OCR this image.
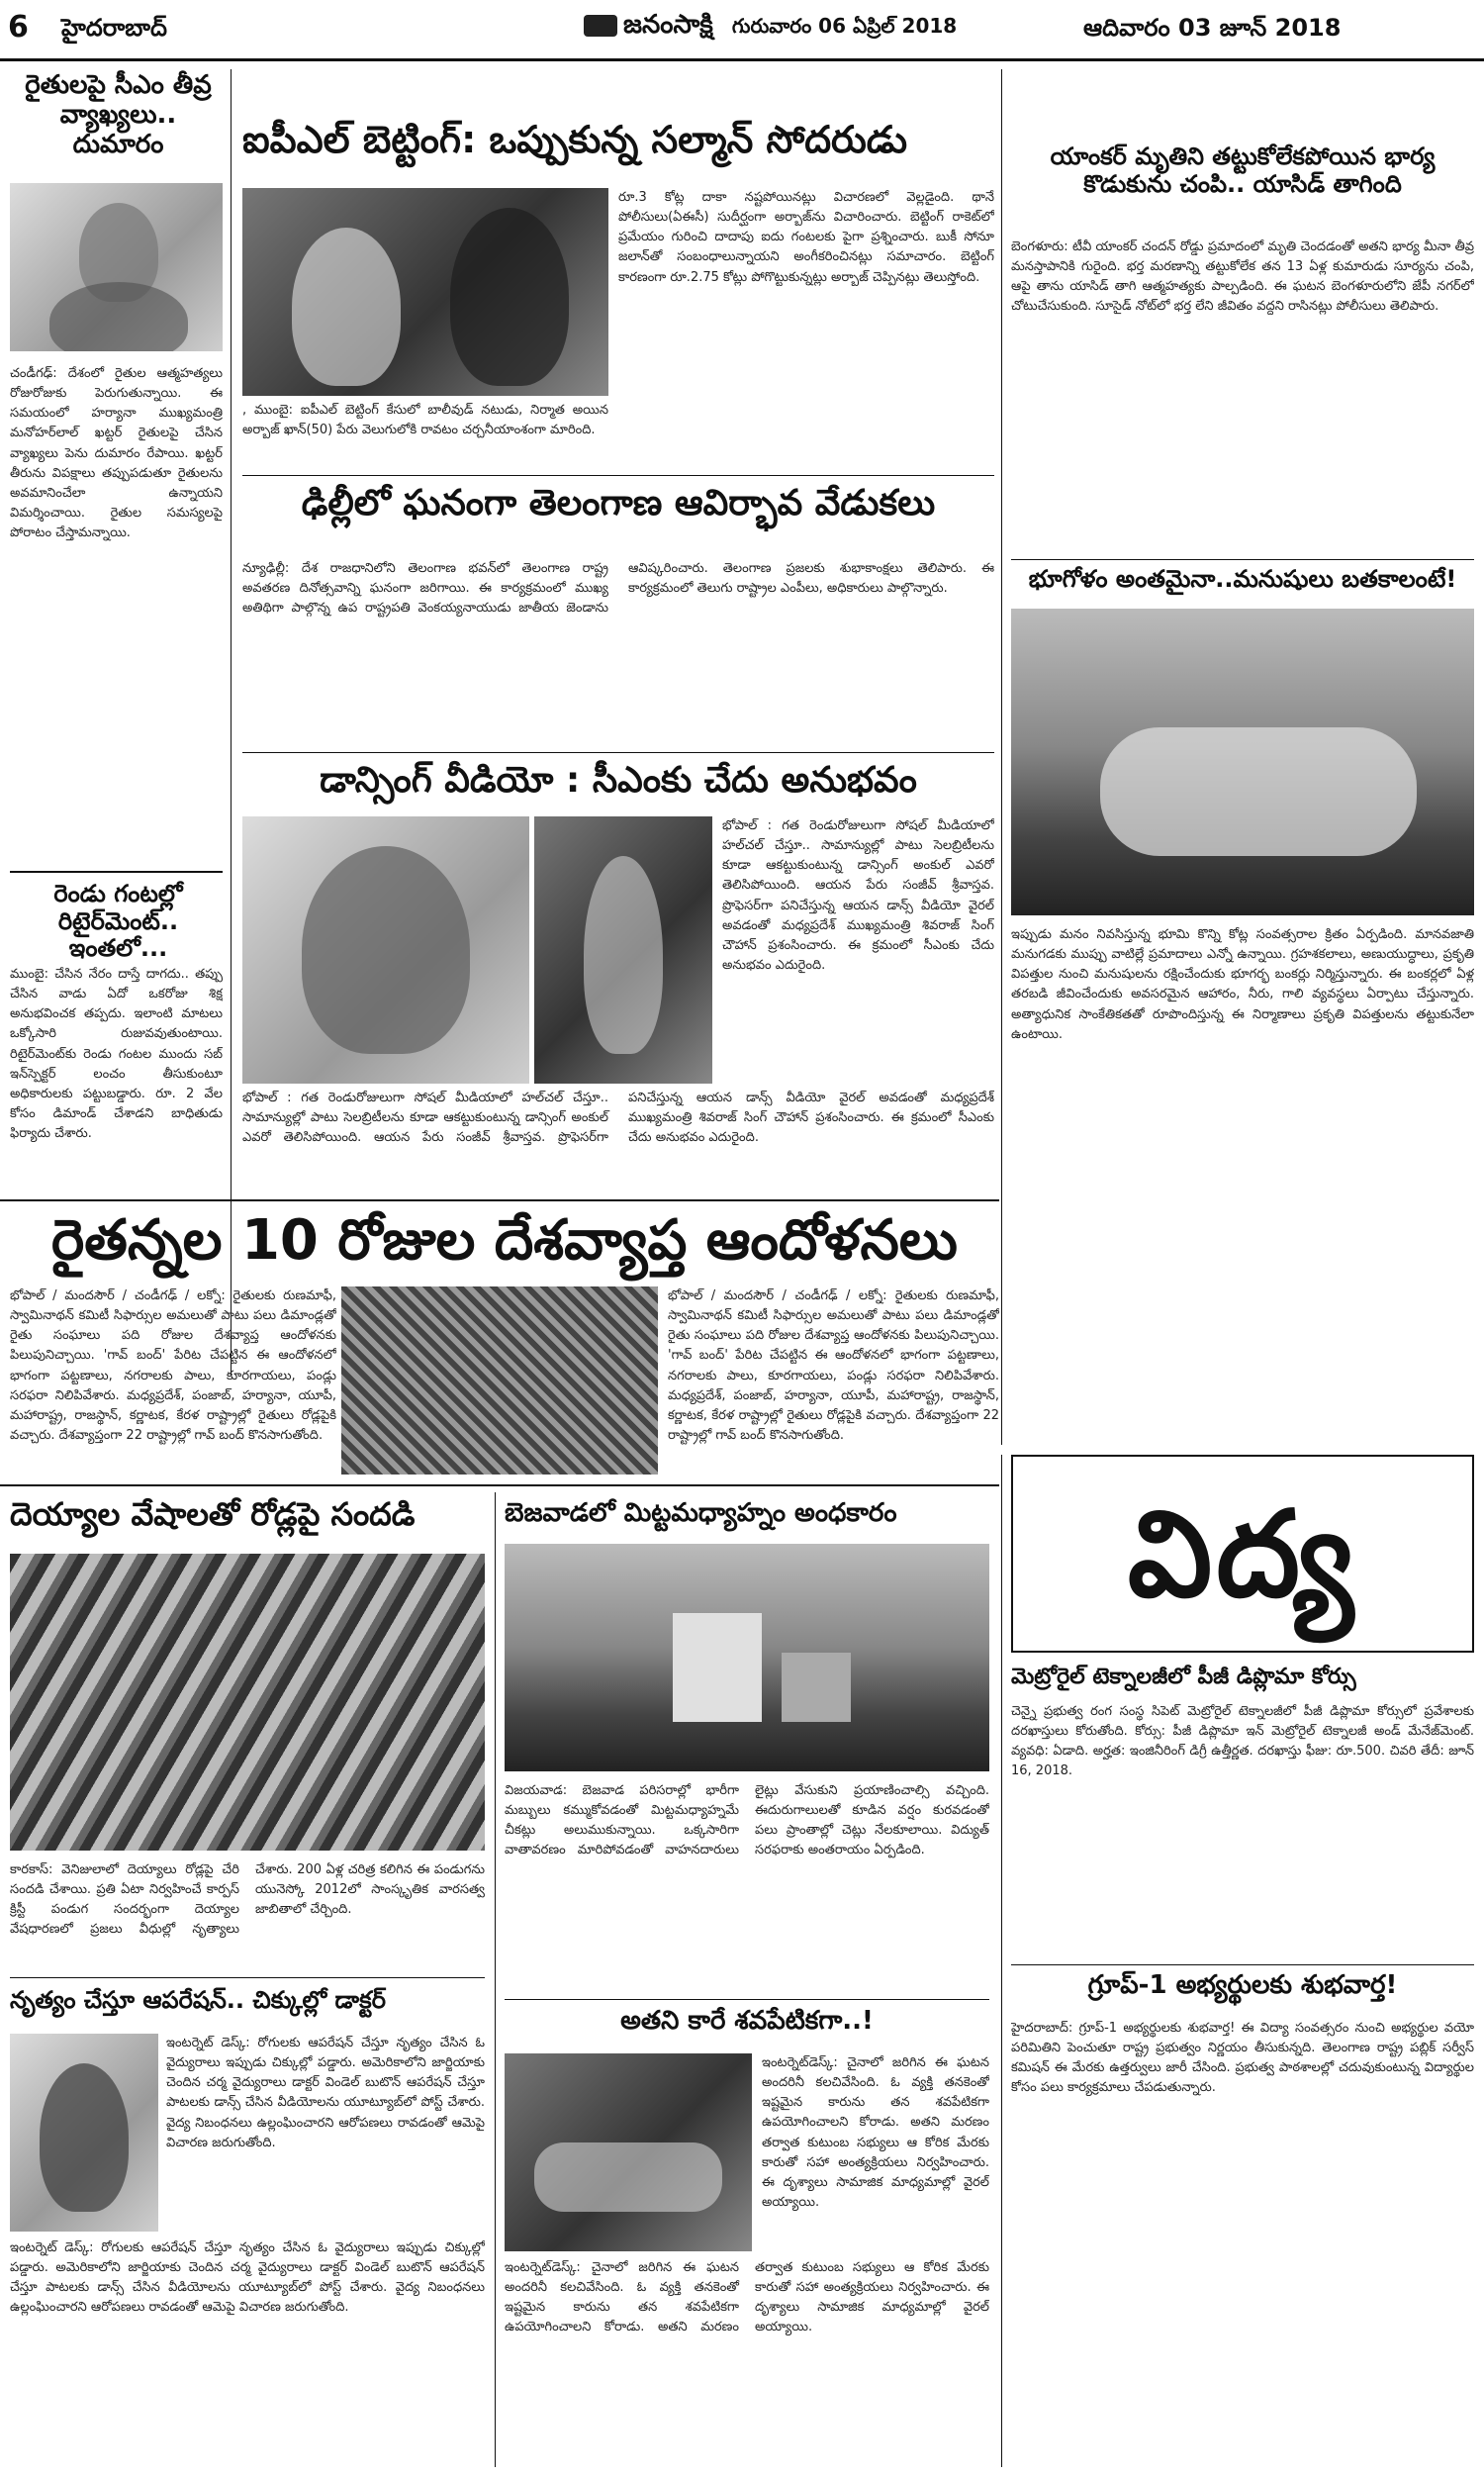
6 హైదరాబాద్	జనంసాక్షి గురువారం 06 ఏప్రిల్ 2018	ఆదివారం 03 జూన్ 2018
రైతులపై సీఎం తీవ్ర వ్యాఖ్యలు.. దుమారం
చండీగఢ్‌: దేశంలో రైతుల ఆత్మహత్యలు రోజురోజుకు పెరుగుతున్నాయి. ఈ సమయంలో హర్యానా ముఖ్యమంత్రి మనోహర్‌లాల్‌ ఖట్టర్‌ రైతులపై చేసిన వ్యాఖ్యలు పెను దుమారం రేపాయి. ఖట్టర్‌ తీరును విపక్షాలు తప్పుపడుతూ రైతులను అవమానించేలా ఉన్నాయని విమర్శించాయి. రైతుల సమస్యలపై పోరాటం చేస్తామన్నాయి.
రెండు గంటల్లో రిటైర్‌మెంట్‌.. ఇంతలో...
ముంబై: చేసిన నేరం దాస్తే దాగదు.. తప్పు చేసిన వాడు ఏదో ఒకరోజు శిక్ష అనుభవించక తప్పదు. ఇలాంటి మాటలు ఒక్కోసారి రుజువవుతుంటాయి. రిటైర్‌మెంట్‌కు రెండు గంటల ముందు సబ్‌ ఇన్‌స్పెక్టర్‌ లంచం తీసుకుంటూ అధికారులకు పట్టుబడ్డారు. రూ. 2 వేల కోసం డిమాండ్‌ చేశాడని బాధితుడు ఫిర్యాదు చేశారు.
ఐపీఎల్‌ బెట్టింగ్‌: ఒప్పుకున్న సల్మాన్‌ సోదరుడు
, ముంబై: ఐపీఎల్‌ బెట్టింగ్‌ కేసులో బాలీవుడ్‌ నటుడు, నిర్మాత అయిన అర్బాజ్‌ ఖాన్‌(50) పేరు వెలుగులోకి రావటం చర్చనీయాంశంగా మారింది.
రూ.3 కోట్ల దాకా నష్టపోయినట్లు విచారణలో వెల్లడైంది. థానే పోలీసులు(ఏఈసీ) సుదీర్ఘంగా అర్బాజ్‌ను విచారించారు. బెట్టింగ్‌ రాకెట్‌లో ప్రమేయం గురించి దాదాపు ఐదు గంటలకు పైగా ప్రశ్నించారు. బుకీ సోనూ జలాన్‌తో సంబంధాలున్నాయని అంగీకరించినట్లు సమాచారం. బెట్టింగ్‌ కారణంగా రూ.2.75 కోట్లు పోగొట్టుకున్నట్లు అర్బాజ్‌ చెప్పినట్లు తెలుస్తోంది.
ఢిల్లీలో ఘనంగా తెలంగాణ ఆవిర్భావ వేడుకలు
న్యూఢిల్లీ: దేశ రాజధానిలోని తెలంగాణ భవన్‌లో తెలంగాణ రాష్ట్ర అవతరణ దినోత్సవాన్ని ఘనంగా జరిగాయి. ఈ కార్యక్రమంలో ముఖ్య అతిథిగా పాల్గొన్న ఉప రాష్ట్రపతి వెంకయ్యనాయుడు జాతీయ జెండాను ఆవిష్కరించారు. తెలంగాణ ప్రజలకు శుభాకాంక్షలు తెలిపారు. ఈ కార్యక్రమంలో తెలుగు రాష్ట్రాల ఎంపీలు, అధికారులు పాల్గొన్నారు.
డాన్సింగ్‌ వీడియో : సీఎంకు చేదు అనుభవం
భోపాల్‌ : గత రెండురోజులుగా సోషల్‌ మీడియాలో హల్‌చల్‌ చేస్తూ.. సామాన్యుల్లో పాటు సెలబ్రిటీలను కూడా ఆకట్టుకుంటున్న డాన్సింగ్‌ అంకుల్‌ ఎవరో తెలిసిపోయింది. ఆయన పేరు సంజీవ్‌ శ్రీవాస్తవ. ప్రొఫెసర్‌గా పనిచేస్తున్న ఆయన డాన్స్‌ వీడియో వైరల్‌ అవడంతో మధ్యప్రదేశ్‌ ముఖ్యమంత్రి శివరాజ్‌ సింగ్‌ చౌహాన్‌ ప్రశంసించారు. ఈ క్రమంలో సీఎంకు చేదు అనుభవం ఎదురైంది.
భోపాల్‌ : గత రెండురోజులుగా సోషల్‌ మీడియాలో హల్‌చల్‌ చేస్తూ.. సామాన్యుల్లో పాటు సెలబ్రిటీలను కూడా ఆకట్టుకుంటున్న డాన్సింగ్‌ అంకుల్‌ ఎవరో తెలిసిపోయింది. ఆయన పేరు సంజీవ్‌ శ్రీవాస్తవ. ప్రొఫెసర్‌గా పనిచేస్తున్న ఆయన డాన్స్‌ వీడియో వైరల్‌ అవడంతో మధ్యప్రదేశ్‌ ముఖ్యమంత్రి శివరాజ్‌ సింగ్‌ చౌహాన్‌ ప్రశంసించారు. ఈ క్రమంలో సీఎంకు చేదు అనుభవం ఎదురైంది.
యాంకర్‌ మృతిని తట్టుకోలేకపోయిన భార్య కొడుకును చంపి.. యాసిడ్‌ తాగింది
బెంగళూరు: టీవీ యాంకర్‌ చందన్‌ రోడ్డు ప్రమాదంలో మృతి చెందడంతో అతని భార్య మీనా తీవ్ర మనస్తాపానికి గురైంది. భర్త మరణాన్ని తట్టుకోలేక తన 13 ఏళ్ల కుమారుడు సూర్యను చంపి, ఆపై తాను యాసిడ్‌ తాగి ఆత్మహత్యకు పాల్పడింది. ఈ ఘటన బెంగళూరులోని జేపీ నగర్‌లో చోటుచేసుకుంది. సూసైడ్‌ నోట్‌లో భర్త లేని జీవితం వద్దని రాసినట్లు పోలీసులు తెలిపారు.
భూగోళం అంతమైనా..మనుషులు బతకాలంటే!
ఇప్పుడు మనం నివసిస్తున్న భూమి కొన్ని కోట్ల సంవత్సరాల క్రితం ఏర్పడింది. మానవజాతి మనుగడకు ముప్పు వాటిల్లే ప్రమాదాలు ఎన్నో ఉన్నాయి. గ్రహశకలాలు, అణుయుద్ధాలు, ప్రకృతి విపత్తుల నుంచి మనుషులను రక్షించేందుకు భూగర్భ బంకర్లు నిర్మిస్తున్నారు. ఈ బంకర్లలో ఏళ్ల తరబడి జీవించేందుకు అవసరమైన ఆహారం, నీరు, గాలి వ్యవస్థలు ఏర్పాటు చేస్తున్నారు. అత్యాధునిక సాంకేతికతతో రూపొందిస్తున్న ఈ నిర్మాణాలు ప్రకృతి విపత్తులను తట్టుకునేలా ఉంటాయి.
రైతన్నల 10 రోజుల దేశవ్యాప్త ఆందోళనలు
భోపాల్‌ / మందసౌర్‌ / చండీగఢ్‌ / లక్నో: రైతులకు రుణమాఫీ, స్వామినాథన్‌ కమిటీ సిఫార్సుల అమలుతో పాటు పలు డిమాండ్లతో రైతు సంఘాలు పది రోజుల దేశవ్యాప్త ఆందోళనకు పిలుపునిచ్చాయి. 'గావ్‌ బంద్‌' పేరిట చేపట్టిన ఈ ఆందోళనలో భాగంగా పట్టణాలు, నగరాలకు పాలు, కూరగాయలు, పండ్లు సరఫరా నిలిపివేశారు. మధ్యప్రదేశ్‌, పంజాబ్‌, హర్యానా, యూపీ, మహారాష్ట్ర, రాజస్థాన్‌, కర్ణాటక, కేరళ రాష్ట్రాల్లో రైతులు రోడ్లపైకి వచ్చారు. దేశవ్యాప్తంగా 22 రాష్ట్రాల్లో గావ్‌ బంద్‌ కొనసాగుతోంది.
భోపాల్‌ / మందసౌర్‌ / చండీగఢ్‌ / లక్నో: రైతులకు రుణమాఫీ, స్వామినాథన్‌ కమిటీ సిఫార్సుల అమలుతో పాటు పలు డిమాండ్లతో రైతు సంఘాలు పది రోజుల దేశవ్యాప్త ఆందోళనకు పిలుపునిచ్చాయి. 'గావ్‌ బంద్‌' పేరిట చేపట్టిన ఈ ఆందోళనలో భాగంగా పట్టణాలు, నగరాలకు పాలు, కూరగాయలు, పండ్లు సరఫరా నిలిపివేశారు. మధ్యప్రదేశ్‌, పంజాబ్‌, హర్యానా, యూపీ, మహారాష్ట్ర, రాజస్థాన్‌, కర్ణాటక, కేరళ రాష్ట్రాల్లో రైతులు రోడ్లపైకి వచ్చారు. దేశవ్యాప్తంగా 22 రాష్ట్రాల్లో గావ్‌ బంద్‌ కొనసాగుతోంది.
దెయ్యాల వేషాలతో రోడ్లపై సందడి
కారకాస్‌: వెనిజులాలో దెయ్యాలు రోడ్లపై చేరి సందడి చేశాయి. ప్రతి ఏటా నిర్వహించే కార్పస్‌ క్రిస్టీ పండుగ సందర్భంగా దెయ్యాల వేషధారణలో ప్రజలు వీధుల్లో నృత్యాలు చేశారు. 200 ఏళ్ల చరిత్ర కలిగిన ఈ పండుగను యునెస్కో 2012లో సాంస్కృతిక వారసత్వ జాబితాలో చేర్చింది.
నృత్యం చేస్తూ ఆపరేషన్‌.. చిక్కుల్లో డాక్టర్‌
ఇంటర్నెట్‌ డెస్క్‌: రోగులకు ఆపరేషన్‌ చేస్తూ నృత్యం చేసిన ఓ వైద్యురాలు ఇప్పుడు చిక్కుల్లో పడ్డారు. అమెరికాలోని జార్జియాకు చెందిన చర్మ వైద్యురాలు డాక్టర్‌ విండెల్‌ బుటొన్‌ ఆపరేషన్‌ చేస్తూ పాటలకు డాన్స్‌ చేసిన వీడియోలను యూట్యూబ్‌లో పోస్ట్‌ చేశారు. వైద్య నిబంధనలు ఉల్లంఘించారని ఆరోపణలు రావడంతో ఆమెపై విచారణ జరుగుతోంది.
ఇంటర్నెట్‌ డెస్క్‌: రోగులకు ఆపరేషన్‌ చేస్తూ నృత్యం చేసిన ఓ వైద్యురాలు ఇప్పుడు చిక్కుల్లో పడ్డారు. అమెరికాలోని జార్జియాకు చెందిన చర్మ వైద్యురాలు డాక్టర్‌ విండెల్‌ బుటొన్‌ ఆపరేషన్‌ చేస్తూ పాటలకు డాన్స్‌ చేసిన వీడియోలను యూట్యూబ్‌లో పోస్ట్‌ చేశారు. వైద్య నిబంధనలు ఉల్లంఘించారని ఆరోపణలు రావడంతో ఆమెపై విచారణ జరుగుతోంది.
బెజవాడలో మిట్టమధ్యాహ్నం అంధకారం
విజయవాడ: బెజవాడ పరిసరాల్లో భారీగా మబ్బులు కమ్ముకోవడంతో మిట్టమధ్యాహ్నమే చీకట్లు అలుముకున్నాయి. ఒక్కసారిగా వాతావరణం మారిపోవడంతో వాహనదారులు లైట్లు వేసుకుని ప్రయాణించాల్సి వచ్చింది. ఈదురుగాలులతో కూడిన వర్షం కురవడంతో పలు ప్రాంతాల్లో చెట్లు నేలకూలాయి. విద్యుత్‌ సరఫరాకు అంతరాయం ఏర్పడింది.
అతని కారే శవపేటికగా..!
ఇంటర్నెట్‌డెస్క్‌: చైనాలో జరిగిన ఈ ఘటన అందరినీ కలచివేసింది. ఓ వ్యక్తి తనకెంతో ఇష్టమైన కారును తన శవపేటికగా ఉపయోగించాలని కోరాడు. అతని మరణం తర్వాత కుటుంబ సభ్యులు ఆ కోరిక మేరకు కారుతో సహా అంత్యక్రియలు నిర్వహించారు. ఈ దృశ్యాలు సామాజిక మాధ్యమాల్లో వైరల్‌ అయ్యాయి.
ఇంటర్నెట్‌డెస్క్‌: చైనాలో జరిగిన ఈ ఘటన అందరినీ కలచివేసింది. ఓ వ్యక్తి తనకెంతో ఇష్టమైన కారును తన శవపేటికగా ఉపయోగించాలని కోరాడు. అతని మరణం తర్వాత కుటుంబ సభ్యులు ఆ కోరిక మేరకు కారుతో సహా అంత్యక్రియలు నిర్వహించారు. ఈ దృశ్యాలు సామాజిక మాధ్యమాల్లో వైరల్‌ అయ్యాయి.
విద్య
మెట్రోరైల్‌ టెక్నాలజీలో పీజీ డిప్లొమా కోర్సు
చెన్నై ప్రభుత్వ రంగ సంస్థ సిపెట్‌ మెట్రోరైల్‌ టెక్నాలజీలో పీజీ డిప్లొమా కోర్సులో ప్రవేశాలకు దరఖాస్తులు కోరుతోంది. కోర్సు: పీజీ డిప్లొమా ఇన్‌ మెట్రోరైల్‌ టెక్నాలజీ అండ్‌ మేనేజ్‌మెంట్‌. వ్యవధి: ఏడాది. అర్హత: ఇంజినీరింగ్‌ డిగ్రీ ఉత్తీర్ణత. దరఖాస్తు ఫీజు: రూ.500. చివరి తేదీ: జూన్‌ 16, 2018.
గ్రూప్‌-1 అభ్యర్థులకు శుభవార్త!
హైదరాబాద్‌: గ్రూప్‌-1 అభ్యర్థులకు శుభవార్త! ఈ విద్యా సంవత్సరం నుంచి అభ్యర్థుల వయో పరిమితిని పెంచుతూ రాష్ట్ర ప్రభుత్వం నిర్ణయం తీసుకున్నది. తెలంగాణ రాష్ట్ర పబ్లిక్‌ సర్వీస్‌ కమిషన్‌ ఈ మేరకు ఉత్తర్వులు జారీ చేసింది. ప్రభుత్వ పాఠశాలల్లో చదువుకుంటున్న విద్యార్థుల కోసం పలు కార్యక్రమాలు చేపడుతున్నారు.
